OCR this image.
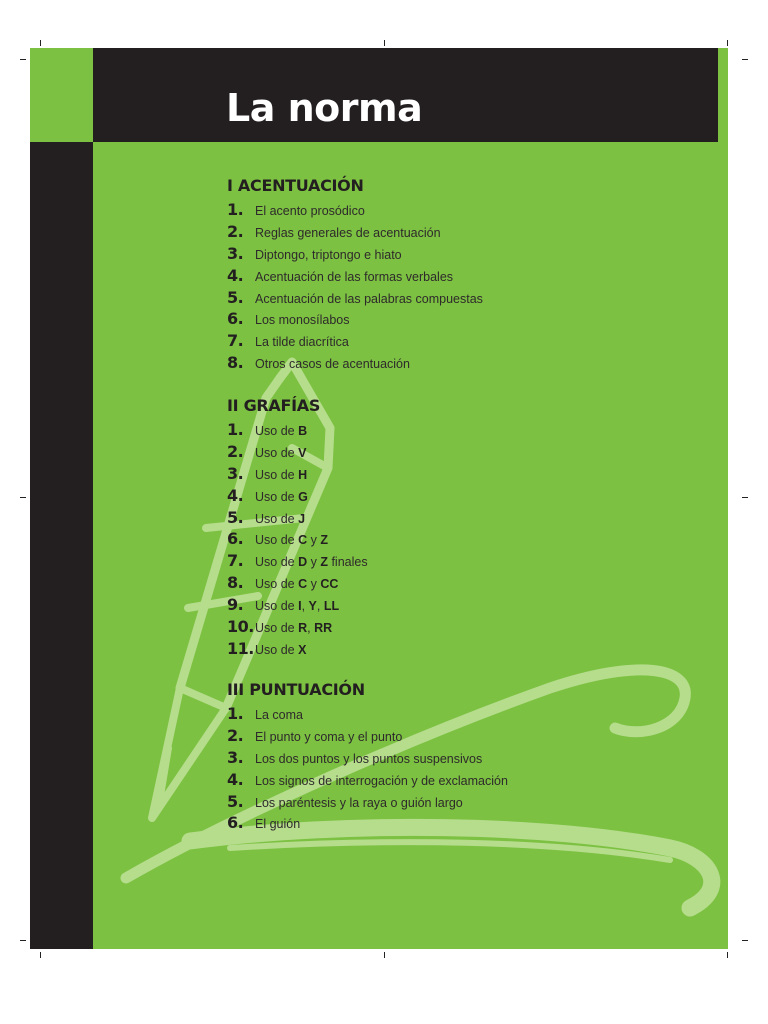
La norma
I ACENTUACIÓN
1. El acento prosódico
2. Reglas generales de acentuación
3. Diptongo, triptongo e hiato
4. Acentuación de las formas verbales
5. Acentuación de las palabras compuestas
6. Los monosílabos
7. La tilde diacrítica
8. Otros casos de acentuación
II GRAFÍAS
1. Uso de B
2. Uso de V
3. Uso de H
4. Uso de G
5. Uso de J
6. Uso de C y Z
7. Uso de D y Z finales
8. Uso de C y CC
9. Uso de I, Y, LL
10. Uso de R, RR
11. Uso de X
III PUNTUACIÓN
1. La coma
2. El punto y coma y el punto
3. Los dos puntos y los puntos suspensivos
4. Los signos de interrogación y de exclamación
5. Los paréntesis y la raya o guión largo
6. El guión
